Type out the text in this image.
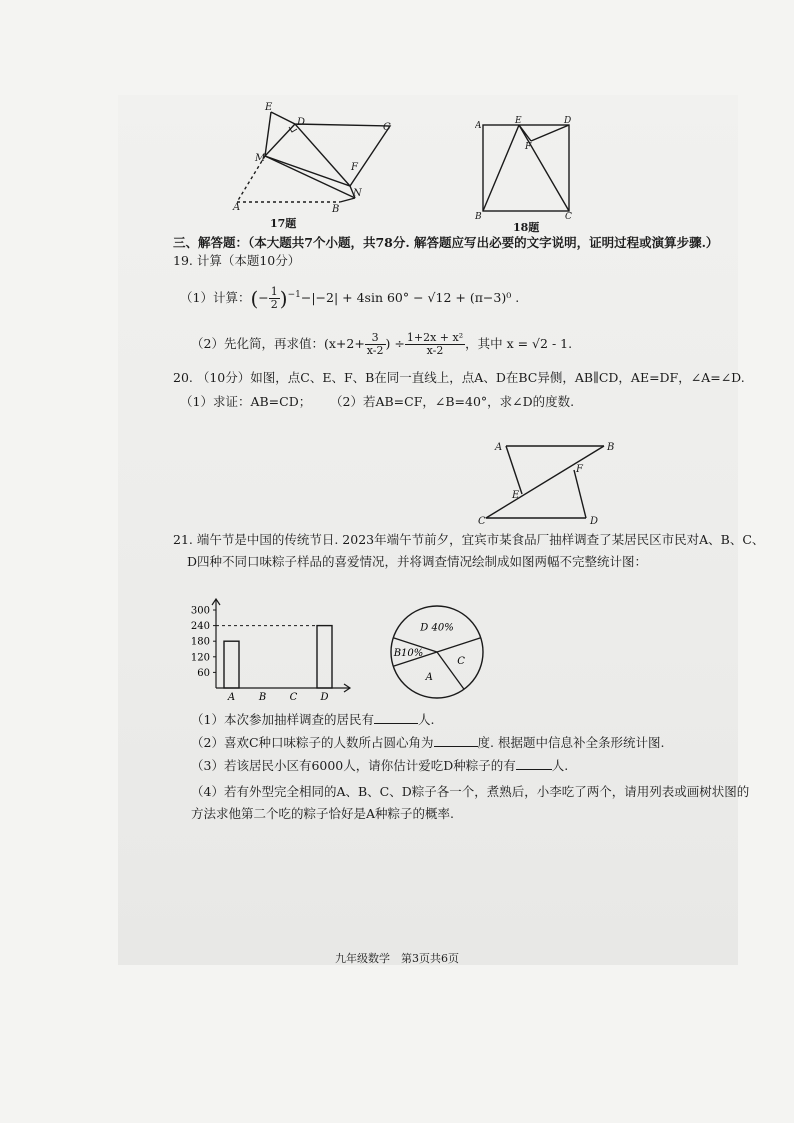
E
D	C
M
F
N
A	B
17题
A	E	D
F
B	C
18题
三、解答题：（本大题共7个小题，共78分. 解答题应写出必要的文字说明，证明过程或演算步骤.）
19. 计算（本题10分）
（1）计算：(− $\frac{1}{2} )^{-1}-|-2| + 4\sin$ 60° − √12 + (π−3)⁰ .
（2）先化简，再求值：($x+2+ \frac{3}{x-2}$ ) ÷ $\frac{\text{1+2x + x²}}{x-2}$ ，其中 x = √2 - 1.
20. （10分）如图，点C、E、F、B在同一直线上，点A、D在BC异侧，AB∥CD，AE=DF，∠A=∠D.
（1）求证：AB=CD； （2）若AB=CF，∠B=40°，求∠D的度数.
A	B
F
E
C	D
21. 端午节是中国的传统节日. 2023年端午节前夕，宜宾市某食品厂抽样调查了某居民区市民对A、B、C、
D四种不同口味粽子样品的喜爱情况，并将调查情况绘制成如图两幅不完整统计图：
60
120
180
240
300
A B C D
B10%
D 40%
C
A
（1）本次参加抽样调查的居民有	人.
（2）喜欢C种口味粽子的人数所占圆心角为	度. 根据题中信息补全条形统计图.
（3）若该居民小区有6000人，请你估计爱吃D种粽子的有	人.
（4）若有外型完全相同的A、B、C、D粽子各一个，煮熟后，小李吃了两个，请用列表或画树状图的
方法求他第二个吃的粽子恰好是A种粽子的概率.
九年级数学　第3页共6页
